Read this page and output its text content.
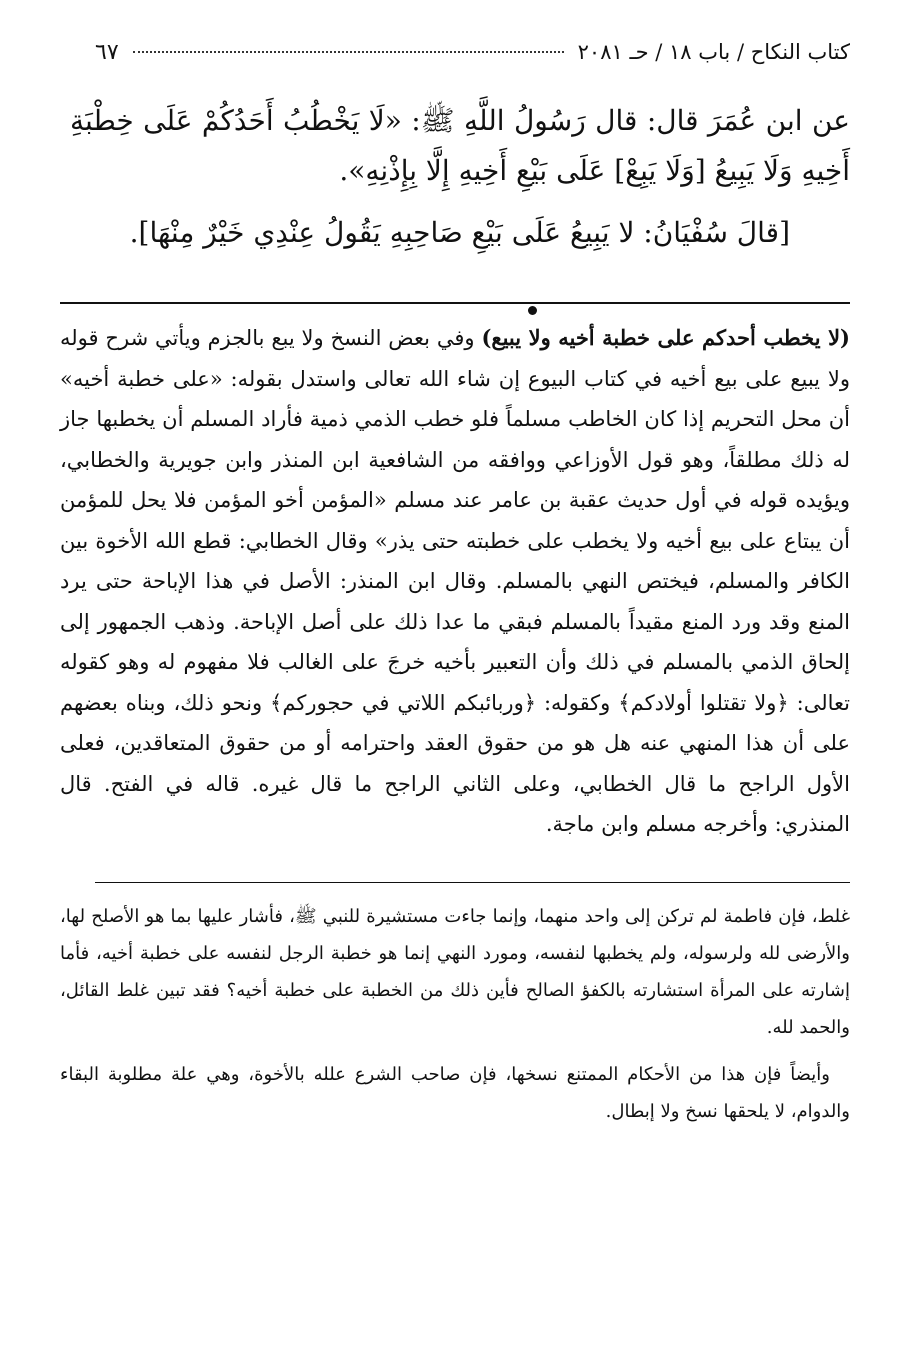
كتاب النكاح / باب ١٨ / حـ ٢٠٨١
٦٧

عن ابن عُمَرَ قال: قال رَسُولُ اللَّهِ ﷺ: «لَا يَخْطُبُ أَحَدُكُمْ عَلَى خِطْبَةِ أَخِيهِ وَلَا يَبِيعُ [وَلَا يَبِعْ] عَلَى بَيْعِ أَخِيهِ إِلَّا بِإِذْنِهِ».

[قالَ سُفْيَانُ: لا يَبِيعُ عَلَى بَيْعِ صَاحِبِهِ يَقُولُ عِنْدِي خَيْرٌ مِنْهَا].

(لا يخطب أحدكم على خطبة أخيه ولا يبيع) وفي بعض النسخ ولا يبع بالجزم ويأتي شرح قوله ولا يبيع على بيع أخيه في كتاب البيوع إن شاء الله تعالى واستدل بقوله: «على خطبة أخيه» أن محل التحريم إذا كان الخاطب مسلماً فلو خطب الذمي ذمية فأراد المسلم أن يخطبها جاز له ذلك مطلقاً، وهو قول الأوزاعي ووافقه من الشافعية ابن المنذر وابن جويرية والخطابي، ويؤيده قوله في أول حديث عقبة بن عامر عند مسلم «المؤمن أخو المؤمن فلا يحل للمؤمن أن يبتاع على بيع أخيه ولا يخطب على خطبته حتى يذر» وقال الخطابي: قطع الله الأخوة بين الكافر والمسلم، فيختص النهي بالمسلم. وقال ابن المنذر: الأصل في هذا الإباحة حتى يرد المنع وقد ورد المنع مقيداً بالمسلم فبقي ما عدا ذلك على أصل الإباحة. وذهب الجمهور إلى إلحاق الذمي بالمسلم في ذلك وأن التعبير بأخيه خرجَ على الغالب فلا مفهوم له وهو كقوله تعالى: ﴿ولا تقتلوا أولادكم﴾ وكقوله: ﴿وربائبكم اللاتي في حجوركم﴾ ونحو ذلك، وبناه بعضهم على أن هذا المنهي عنه هل هو من حقوق العقد واحترامه أو من حقوق المتعاقدين، فعلى الأول الراجح ما قال الخطابي، وعلى الثاني الراجح ما قال غيره. قاله في الفتح. قال المنذري: وأخرجه مسلم وابن ماجة.

غلط، فإن فاطمة لم تركن إلى واحد منهما، وإنما جاءت مستشيرة للنبي ﷺ، فأشار عليها بما هو الأصلح لها، والأرضى لله ولرسوله، ولم يخطبها لنفسه، ومورد النهي إنما هو خطبة الرجل لنفسه على خطبة أخيه، فأما إشارته على المرأة استشارته بالكفؤ الصالح فأين ذلك من الخطبة على خطبة أخيه؟ فقد تبين غلط القائل، والحمد لله.

وأيضاً فإن هذا من الأحكام الممتنع نسخها، فإن صاحب الشرع علله بالأخوة، وهي علة مطلوبة البقاء والدوام، لا يلحقها نسخ ولا إبطال.
